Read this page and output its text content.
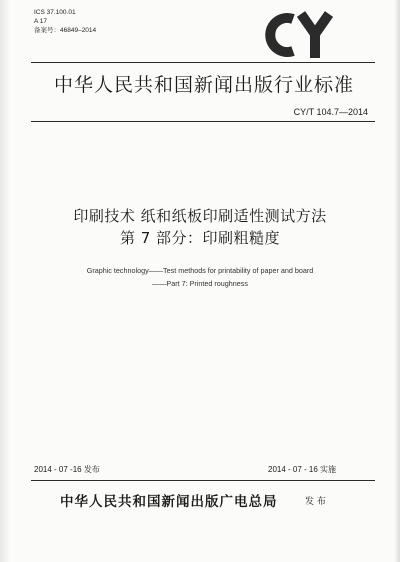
ICS 37.100.01
A 17
备案号：46849–2014
中华人民共和国新闻出版行业标准
CY/T 104.7—2014
印刷技术 纸和纸板印刷适性测试方法
第 7 部分：印刷粗糙度
Graphic technology——Test methods for printability of paper and board
——Part 7: Printed roughness
2014 - 07 -16 发布	2014 - 07 - 16 实施
中华人民共和国新闻出版广电总局	发 布
